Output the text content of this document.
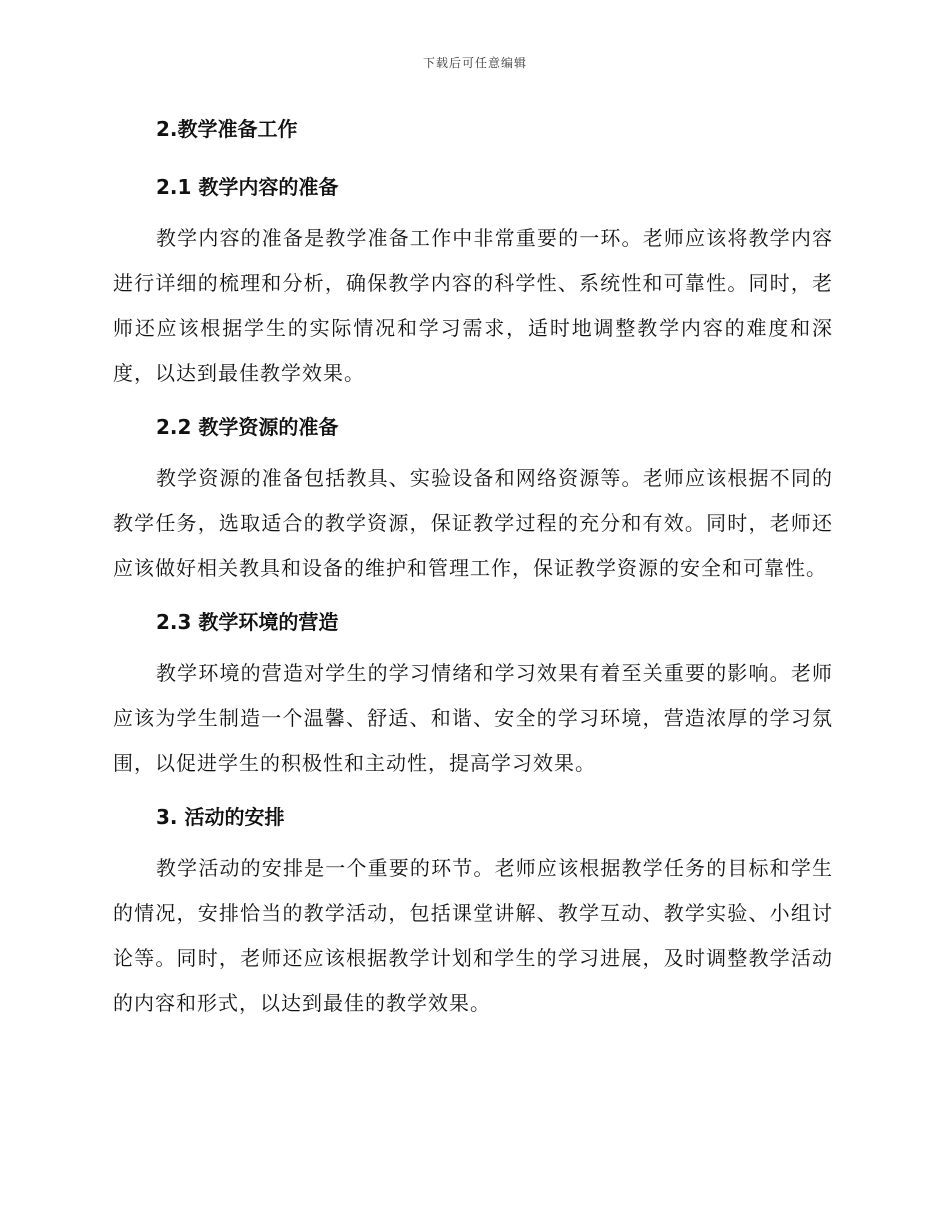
下载后可任意编辑
2.教学准备工作
2.1 教学内容的准备

教学内容的准备是教学准备工作中非常重要的一环。老师应该将教学内容进行详细的梳理和分析，确保教学内容的科学性、系统性和可靠性。同时，老师还应该根据学生的实际情况和学习需求，适时地调整教学内容的难度和深度，以达到最佳教学效果。

2.2 教学资源的准备

教学资源的准备包括教具、实验设备和网络资源等。老师应该根据不同的教学任务，选取适合的教学资源，保证教学过程的充分和有效。同时，老师还应该做好相关教具和设备的维护和管理工作，保证教学资源的安全和可靠性。

2.3 教学环境的营造

教学环境的营造对学生的学习情绪和学习效果有着至关重要的影响。老师应该为学生制造一个温馨、舒适、和谐、安全的学习环境，营造浓厚的学习氛围，以促进学生的积极性和主动性，提高学习效果。

3. 活动的安排

教学活动的安排是一个重要的环节。老师应该根据教学任务的目标和学生的情况，安排恰当的教学活动，包括课堂讲解、教学互动、教学实验、小组讨论等。同时，老师还应该根据教学计划和学生的学习进展，及时调整教学活动的内容和形式，以达到最佳的教学效果。
